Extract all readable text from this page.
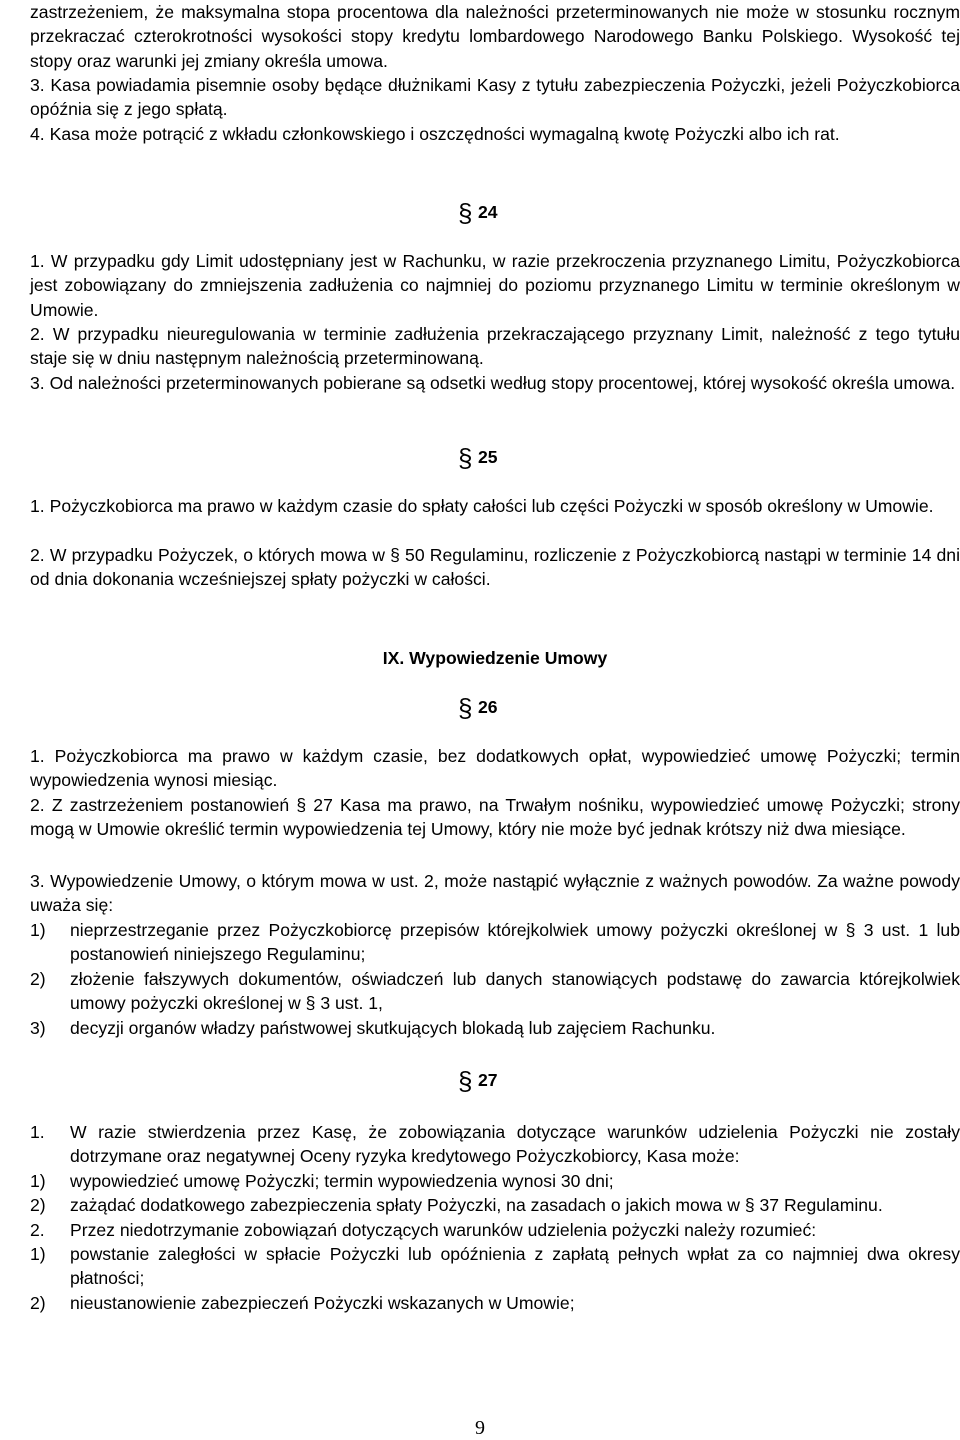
zastrzeżeniem, że maksymalna stopa procentowa dla należności przeterminowanych nie może w stosunku rocznym przekraczać czterokrotności wysokości stopy kredytu lombardowego Narodowego Banku Polskiego. Wysokość tej stopy oraz warunki jej zmiany określa umowa.

3. Kasa powiadamia pisemnie osoby będące dłużnikami Kasy z tytułu zabezpieczenia Pożyczki, jeżeli Pożyczkobiorca opóźnia się z jego spłatą.

4. Kasa może potrącić z wkładu członkowskiego i oszczędności wymagalną kwotę Pożyczki albo ich rat.

§ 24

1. W przypadku gdy Limit udostępniany jest w Rachunku, w razie przekroczenia przyznanego Limitu, Pożyczkobiorca jest zobowiązany do zmniejszenia zadłużenia co najmniej do poziomu przyznanego Limitu w terminie określonym w Umowie.

2. W przypadku nieuregulowania w terminie zadłużenia przekraczającego przyznany Limit, należność z tego tytułu staje się w dniu następnym należnością przeterminowaną.

3. Od należności przeterminowanych pobierane są odsetki według stopy procentowej, której wysokość określa umowa.

§ 25

1. Pożyczkobiorca ma prawo w każdym czasie do spłaty całości lub części Pożyczki w sposób określony w Umowie.

2. W przypadku Pożyczek, o których mowa w § 50 Regulaminu, rozliczenie z Pożyczkobiorcą nastąpi w terminie 14 dni od dnia dokonania wcześniejszej spłaty pożyczki w całości.

IX. Wypowiedzenie Umowy
§ 26

1. Pożyczkobiorca ma prawo w każdym czasie, bez dodatkowych opłat, wypowiedzieć umowę Pożyczki; termin wypowiedzenia wynosi miesiąc.

2. Z zastrzeżeniem postanowień § 27 Kasa ma prawo, na Trwałym nośniku, wypowiedzieć umowę Pożyczki; strony mogą w Umowie określić termin wypowiedzenia tej Umowy, który nie może być jednak krótszy niż dwa miesiące.

3. Wypowiedzenie Umowy, o którym mowa w ust. 2, może nastąpić wyłącznie z ważnych powodów. Za ważne powody uważa się:

1) nieprzestrzeganie przez Pożyczkobiorcę przepisów którejkolwiek umowy pożyczki określonej w § 3 ust. 1 lub postanowień niniejszego Regulaminu;
2) złożenie fałszywych dokumentów, oświadczeń lub danych stanowiących podstawę do zawarcia którejkolwiek umowy pożyczki określonej w § 3 ust. 1,
3) decyzji organów władzy państwowej skutkujących blokadą lub zajęciem Rachunku.
§ 27
1. W razie stwierdzenia przez Kasę, że zobowiązania dotyczące warunków udzielenia Pożyczki nie zostały dotrzymane oraz negatywnej Oceny ryzyka kredytowego Pożyczkobiorcy, Kasa może:
1) wypowiedzieć umowę Pożyczki; termin wypowiedzenia wynosi 30 dni;
2) zażądać dodatkowego zabezpieczenia spłaty Pożyczki, na zasadach o jakich mowa w § 37 Regulaminu.
2. Przez niedotrzymanie zobowiązań dotyczących warunków udzielenia pożyczki należy rozumieć:
1) powstanie zaległości w spłacie Pożyczki lub opóźnienia z zapłatą pełnych wpłat za co najmniej dwa okresy płatności;
2) nieustanowienie zabezpieczeń Pożyczki wskazanych w Umowie;
9
